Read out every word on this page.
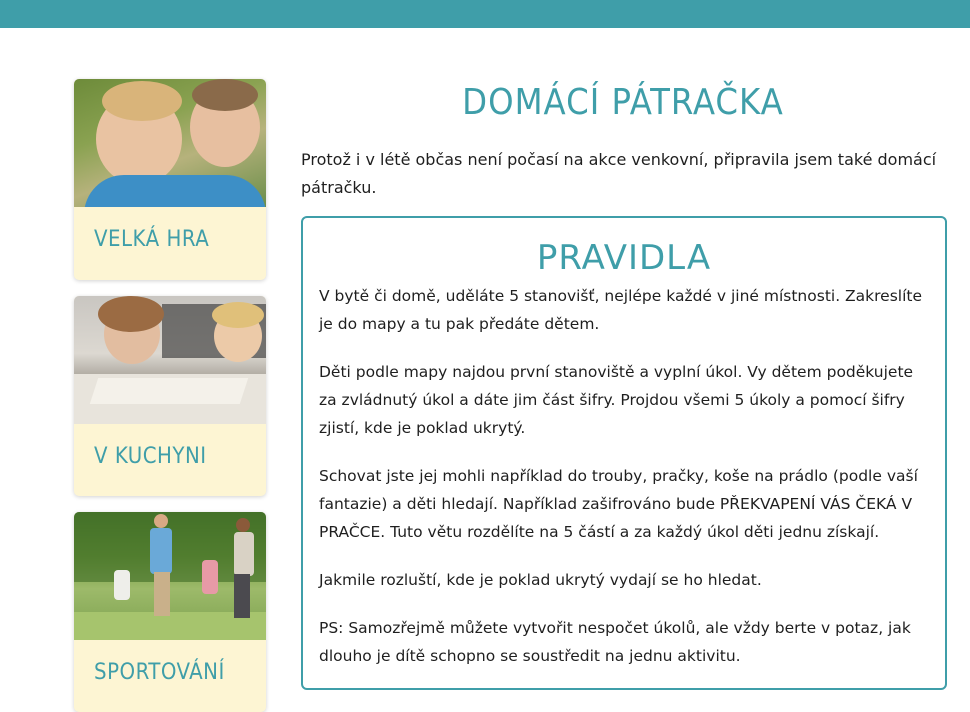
VELKÁ HRA
V KUCHYNI
SPORTOVÁNÍ
DOMÁCÍ PÁTRAČKA

Protož i v létě občas není počasí na akce venkovní, připravila jsem také domácí pátračku.

PRAVIDLA

V bytě či domě, uděláte 5 stanovišť, nejlépe každé v jiné místnosti. Zakreslíte je do mapy a tu pak předáte dětem.

Děti podle mapy najdou první stanoviště a vyplní úkol. Vy dětem poděkujete za zvládnutý úkol a dáte jim část šifry. Projdou všemi 5 úkoly a pomocí šifry zjistí, kde je poklad ukrytý.

Schovat jste jej mohli například do trouby, pračky, koše na prádlo (podle vaší fantazie) a děti hledají. Například zašifrováno bude PŘEKVAPENÍ VÁS ČEKÁ V PRAČCE. Tuto větu rozdělíte na 5 částí a za každý úkol děti jednu získají.

Jakmile rozluští, kde je poklad ukrytý vydají se ho hledat.

PS: Samozřejmě můžete vytvořit nespočet úkolů, ale vždy berte v potaz, jak dlouho je dítě schopno se soustředit na jednu aktivitu.
